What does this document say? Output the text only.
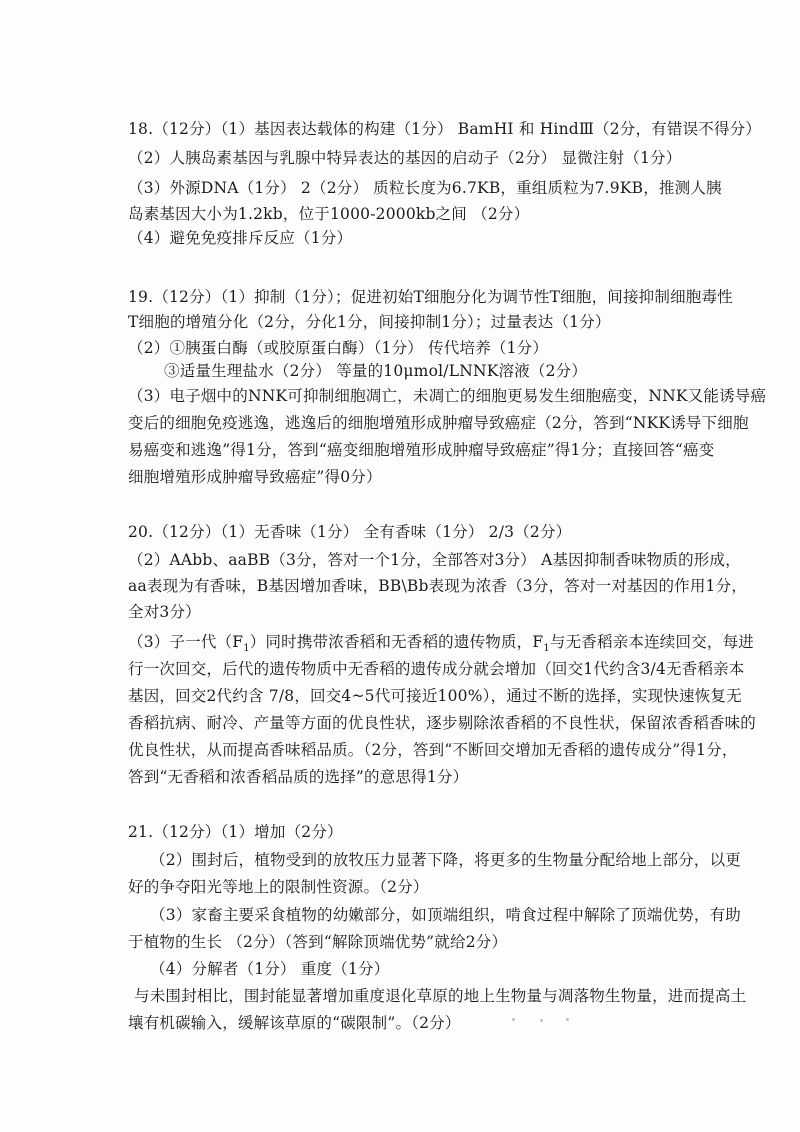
18.（12分）（1）基因表达载体的构建（1分） BamHⅠ 和 HindⅢ（2分，有错误不得分）
（2）人胰岛素基因与乳腺中特异表达的基因的启动子（2分） 显微注射（1分）
（3）外源DNA（1分） 2（2分） 质粒长度为6.7KB，重组质粒为7.9KB，推测人胰
岛素基因大小为1.2kb，位于1000-2000kb之间 （2分）
（4）避免免疫排斥反应（1分）
19.（12分）（1）抑制（1分）；促进初始T细胞分化为调节性T细胞，间接抑制细胞毒性
T细胞的增殖分化（2分，分化1分，间接抑制1分）；过量表达（1分）
（2）①胰蛋白酶（或胶原蛋白酶）（1分） 传代培养（1分）
③适量生理盐水（2分） 等量的10μmol/LNNK溶液（2分）
（3）电子烟中的NNK可抑制细胞凋亡，未凋亡的细胞更易发生细胞癌变，NNK又能诱导癌
变后的细胞免疫逃逸，逃逸后的细胞增殖形成肿瘤导致癌症（2分，答到“NKK诱导下细胞
易癌变和逃逸”得1分，答到“癌变细胞增殖形成肿瘤导致癌症”得1分；直接回答“癌变
细胞增殖形成肿瘤导致癌症”得0分）
20.（12分）（1）无香味（1分） 全有香味（1分） 2/3（2分）
（2）AAbb、aaBB（3分，答对一个1分，全部答对3分） A基因抑制香味物质的形成，
aa表现为有香味，B基因增加香味，BB\Bb表现为浓香（3分，答对一对基因的作用1分，
全对3分）
（3）子一代$(F_1)$同时携带浓香稻和无香稻的遗传物质，$F_1$与无香稻亲本连续回交，每进
行一次回交，后代的遗传物质中无香稻的遗传成分就会增加（回交1代约含3/4无香稻亲本
基因，回交2代约含 7/8，回交4~5代可接近100%），通过不断的选择，实现快速恢复无
香稻抗病、耐冷、产量等方面的优良性状，逐步剔除浓香稻的不良性状，保留浓香稻香味的
优良性状，从而提高香味稻品质。（2分，答到“不断回交增加无香稻的遗传成分”得1分，
答到“无香稻和浓香稻品质的选择”的意思得1分）
21.（12分）（1）增加（2分）
（2）围封后，植物受到的放牧压力显著下降，将更多的生物量分配给地上部分，以更
好的争夺阳光等地上的限制性资源。（2分）
（3）家畜主要采食植物的幼嫩部分，如顶端组织，啃食过程中解除了顶端优势，有助
于植物的生长 （2分）（答到“解除顶端优势”就给2分）
（4）分解者（1分） 重度（1分）
与未围封相比，围封能显著增加重度退化草原的地上生物量与凋落物生物量，进而提高土
壤有机碳输入，缓解该草原的“碳限制”。（2分）
